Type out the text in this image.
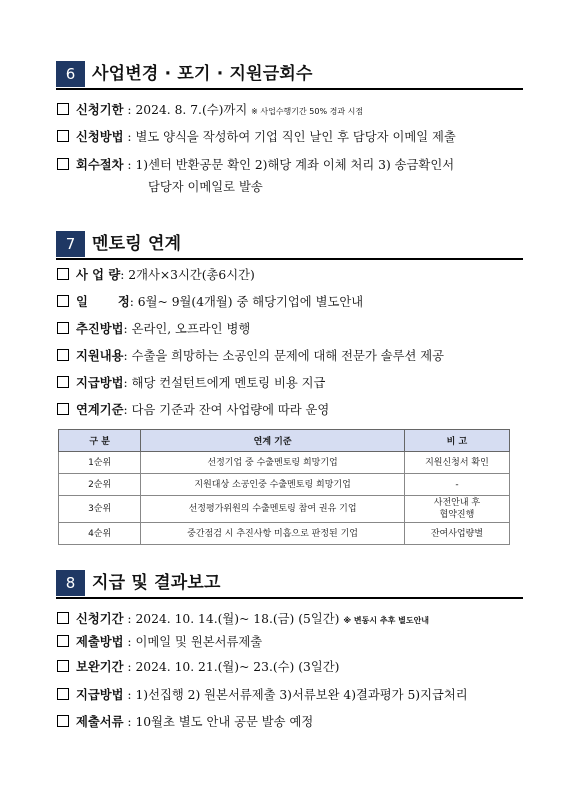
6 사업변경 · 포기 · 지원금회수
신청기한 : 2024. 8. 7.(수)까지 ※ 사업수행기간 50% 경과 시점
신청방법 : 별도 양식을 작성하여 기업 직인 날인 후 담당자 이메일 제출
회수절차 : 1)센터 반환공문 확인 2)해당 계좌 이체 처리 3) 송금확인서
담당자 이메일로 발송
7 멘토링 연계
사 업 량: 2개사×3시간(총6시간)
일       정: 6월~ 9월(4개월) 중 해당기업에 별도안내
추진방법: 온라인, 오프라인 병행
지원내용: 수출을 희망하는 소공인의 문제에 대해 전문가 솔루션 제공
지급방법: 해당 컨설턴트에게 멘토링 비용 지급
연계기준: 다음 기준과 잔여 사업량에 따라 운영
구 분	연계 기준	비 고
1순위	선정기업 중 수출멘토링 희망기업	지원신청서 확인
2순위	지원대상 소공인중 수출멘토링 희망기업	-
3순위	선정평가위원의 수출멘토링 참여 권유 기업	사전안내 후
협약진행

4순위	중간점검 시 추진사항 미흡으로 판정된 기업	잔여사업량별
8 지급 및 결과보고
신청기간 : 2024. 10. 14.(월)~ 18.(금) (5일간) ※ 변동시 추후 별도안내
제출방법 : 이메일 및 원본서류제출
보완기간 : 2024. 10. 21.(월)~ 23.(수) (3일간)
지급방법 : 1)선집행 2) 원본서류제출 3)서류보완 4)결과평가 5)지급처리
제출서류 : 10월초 별도 안내 공문 발송 예정
